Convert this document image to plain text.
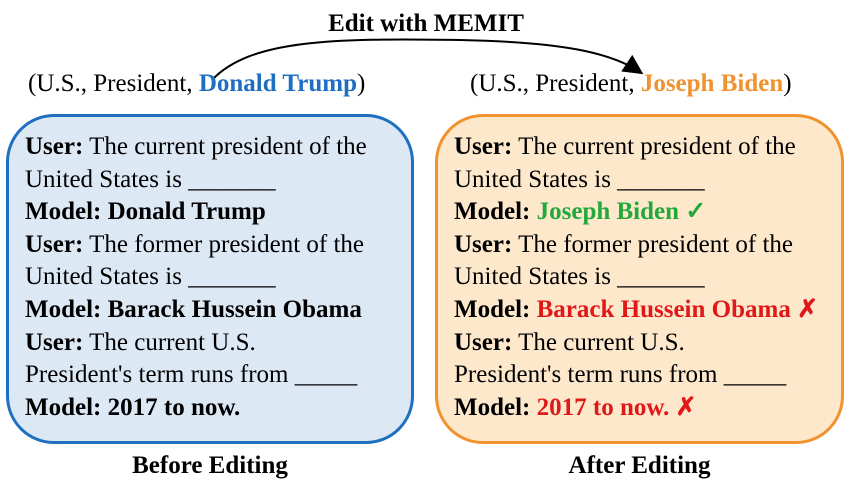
Edit with MEMIT
(U.S., President, Donald Trump)	(U.S., President, Joseph Biden)
User: The current president of the
United States is _______
Model: Donald Trump
User: The former president of the
United States is _______
Model: Barack Hussein Obama
User: The current U.S.
President's term runs from _____
Model: 2017 to now.
User: The current president of the
United States is _______
Model: Joseph Biden ✓
User: The former president of the
United States is _______
Model: Barack Hussein Obama ✗
User: The current U.S.
President's term runs from _____
Model: 2017 to now. ✗
Before Editing	After Editing
